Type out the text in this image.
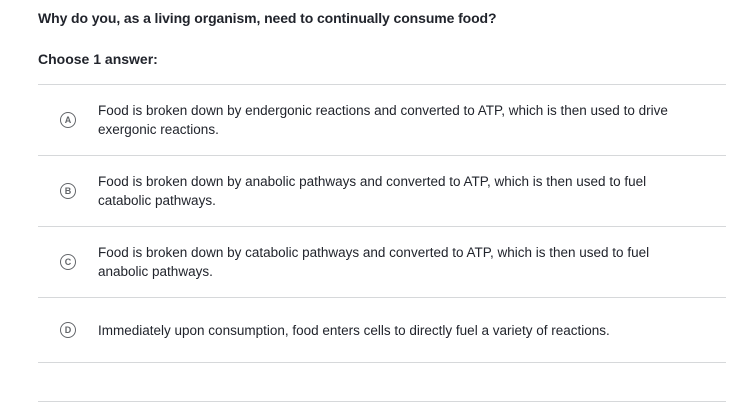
Why do you, as a living organism, need to continually consume food?
Choose 1 answer:
A
Food is broken down by endergonic reactions and converted to ATP, which is then used to drive exergonic reactions.
B
Food is broken down by anabolic pathways and converted to ATP, which is then used to fuel catabolic pathways.
C
Food is broken down by catabolic pathways and converted to ATP, which is then used to fuel anabolic pathways.
D	Immediately upon consumption, food enters cells to directly fuel a variety of reactions.
